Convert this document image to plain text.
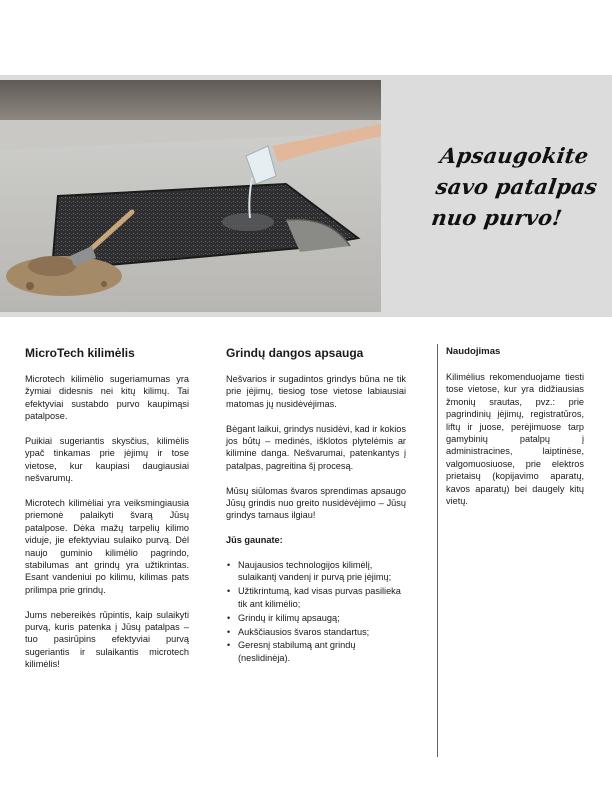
Apsaugokite
savo patalpas
nuo purvo!
MicroTech kilimėlis

Microtech kilimėlio sugeriamumas yra žymiai didesnis nei kitų kilimų. Tai efektyviai sustabdo purvo kaupimąsi patalpose.

Puikiai sugeriantis skysčius, kilimėlis ypač tinkamas prie įėjimų ir tose vietose, kur kaupiasi daugiausiai nešvarumų.

Microtech kilimėliai yra veiksmingiausia priemonė palaikyti švarą Jūsų patalpose. Dėka mažų tarpelių kilimo viduje, jie efektyviau sulaiko purvą. Dėl naujo guminio kilimėlio pagrindo, stabilumas ant grindų yra užtikrintas. Esant vandeniui po kilimu, kilimas pats prilimpa prie grindų.

Jums nebereikės rūpintis, kaip sulaikyti purvą, kuris patenka į Jūsų patalpas – tuo pasirūpins efektyviai purvą sugeriantis ir sulaikantis microtech kilimėlis!

Grindų dangos apsauga

Nešvarios ir sugadintos grindys būna ne tik prie įėjimų, tiesiog tose vietose labiausiai matomas jų nusidėvėjimas.

Bėgant laikui, grindys nusidėvi, kad ir kokios jos būtų – medinės, išklotos plytelėmis ar kilimine danga. Nešvarumai, patenkantys į patalpas, pagreitina šį procesą.

Mūsų siūlomas švaros sprendimas apsaugo Jūsų grindis nuo greito nusidėvėjimo – Jūsų grindys tarnaus ilgiau!

Jūs gaunate:

• Naujausios technologijos kilimėlį, sulaikantį vandenį ir purvą prie įėjimų;
• Užtikrintumą, kad visas purvas pasilieka tik ant kilimėlio;
• Grindų ir kilimų apsaugą;
• Aukščiausios švaros standartus;
• Geresnį stabilumą ant grindų (neslidinėja).
Naudojimas

Kilimėlius rekomenduojame tiesti tose vietose, kur yra didžiausias žmonių srautas, pvz.: prie pagrindinių įėjimų, registratūros, liftų ir juose, perėjimuose tarp gamybinių patalpų į administracines, laiptinėse, valgomuosiuose, prie elektros prietaisų (kopijavimo aparatų, kavos aparatų) bei daugely kitų vietų.
